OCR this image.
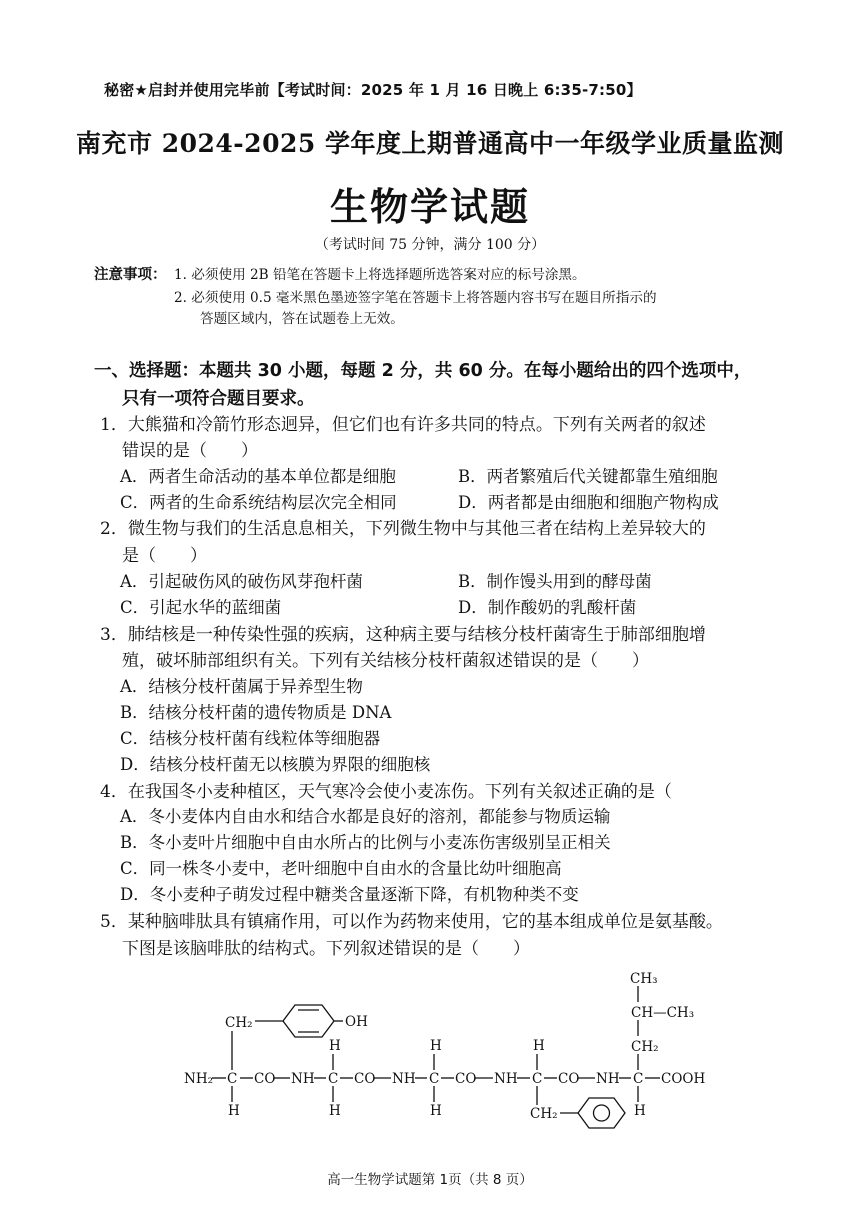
秘密★启封并使用完毕前【考试时间：2025 年 1 月 16 日晚上 6:35-7:50】
南充市 2024-2025 学年度上期普通高中一年级学业质量监测
生物学试题
（考试时间 75 分钟，满分 100 分）
注意事项： 1. 必须使用 2B 铅笔在答题卡上将选择题所选答案对应的标号涂黑。
2. 必须使用 0.5 毫米黑色墨迹签字笔在答题卡上将答题内容书写在题目所指示的
答题区域内，答在试题卷上无效。
一、选择题：本题共 30 小题，每题 2 分，共 60 分。在每小题给出的四个选项中，
只有一项符合题目要求。
1．大熊猫和冷箭竹形态迥异，但它们也有许多共同的特点。下列有关两者的叙述
错误的是（　　）
A．两者生命活动的基本单位都是细胞	B．两者繁殖后代关键都靠生殖细胞
C．两者的生命系统结构层次完全相同	D．两者都是由细胞和细胞产物构成
2．微生物与我们的生活息息相关，下列微生物中与其他三者在结构上差异较大的
是（　　）
A．引起破伤风的破伤风芽孢杆菌	B．制作馒头用到的酵母菌
C．引起水华的蓝细菌	D．制作酸奶的乳酸杆菌
3．肺结核是一种传染性强的疾病，这种病主要与结核分枝杆菌寄生于肺部细胞增
殖，破坏肺部组织有关。下列有关结核分枝杆菌叙述错误的是（　　）
A．结核分枝杆菌属于异养型生物
B．结核分枝杆菌的遗传物质是 DNA
C．结核分枝杆菌有线粒体等细胞器
D．结核分枝杆菌无以核膜为界限的细胞核
4．在我国冬小麦种植区，天气寒冷会使小麦冻伤。下列有关叙述正确的是（
A．冬小麦体内自由水和结合水都是良好的溶剂，都能参与物质运输
B．冬小麦叶片细胞中自由水所占的比例与小麦冻伤害级别呈正相关
C．同一株冬小麦中，老叶细胞中自由水的含量比幼叶细胞高
D．冬小麦种子萌发过程中糖类含量逐渐下降，有机物种类不变
5．某种脑啡肽具有镇痛作用，可以作为药物来使用，它的基本组成单位是氨基酸。
下图是该脑啡肽的结构式。下列叙述错误的是（　　）
CH₃
CH—CH₃
CH₂
CH₂	OH
NH₂ C CO NH C CO NH C CO NH C CO NH C COOH
H
H
H
H
H
H
H
CH₂
高一生物学试题第 1页（共 8 页）
